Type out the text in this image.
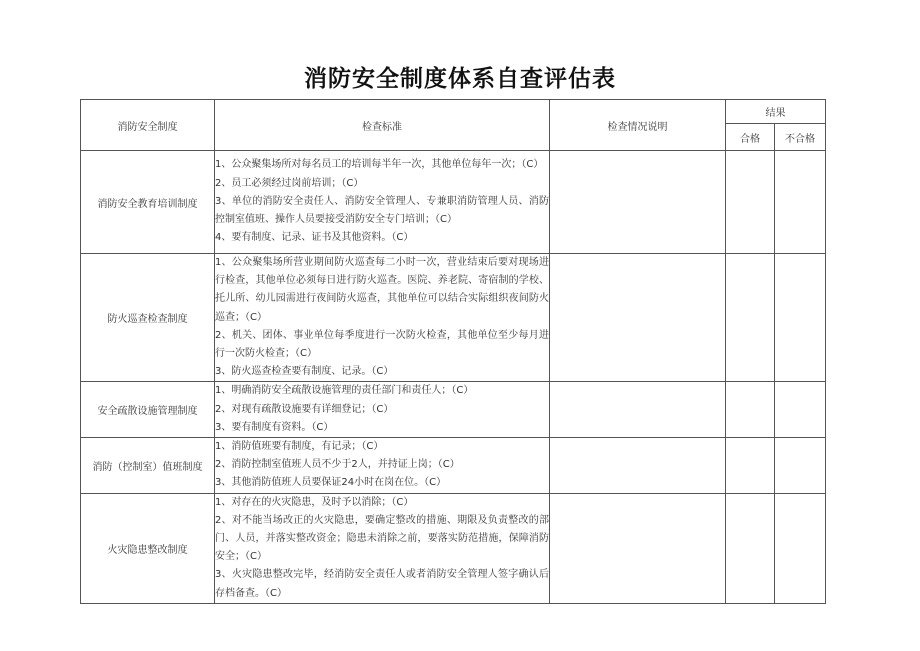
消防安全制度体系自查评估表
消防安全制度	检查标准	检查情况说明	结果	
			合格	不合格
消防安全教育培训制度	1、公众聚集场所对每名员工的培训每半年一次，其他单位每年一次；（C）
2、员工必须经过岗前培训；（C）
3、单位的消防安全责任人、消防安全管理人、专兼职消防管理人员、消防控制室值班、操作人员要接受消防安全专门培训；（C）
4、要有制度、记录、证书及其他资料。（C）			

防火巡查检查制度	1、公众聚集场所营业期间防火巡查每二小时一次，营业结束后要对现场进行检查，其他单位必须每日进行防火巡查。医院、养老院、寄宿制的学校、托儿所、幼儿园需进行夜间防火巡查，其他单位可以结合实际组织夜间防火巡查；（C）
2、机关、团体、事业单位每季度进行一次防火检查，其他单位至少每月进行一次防火检查；（C）
3、防火巡查检查要有制度、记录。（C）			

安全疏散设施管理制度	1、明确消防安全疏散设施管理的责任部门和责任人；（C）
2、对现有疏散设施要有详细登记；（C）
3、要有制度有资料。（C）			

消防（控制室）值班制度	1、消防值班要有制度，有记录；（C）
2、消防控制室值班人员不少于2人，并持证上岗；（C）
3、其他消防值班人员要保证24小时在岗在位。（C）			

火灾隐患整改制度	1、对存在的火灾隐患，及时予以消除；（C）
2、对不能当场改正的火灾隐患，要确定整改的措施、期限及负责整改的部门、人员，并落实整改资金；隐患未消除之前，要落实防范措施，保障消防安全；（C）
3、火灾隐患整改完毕，经消防安全责任人或者消防安全管理人签字确认后存档备查。（C）			
